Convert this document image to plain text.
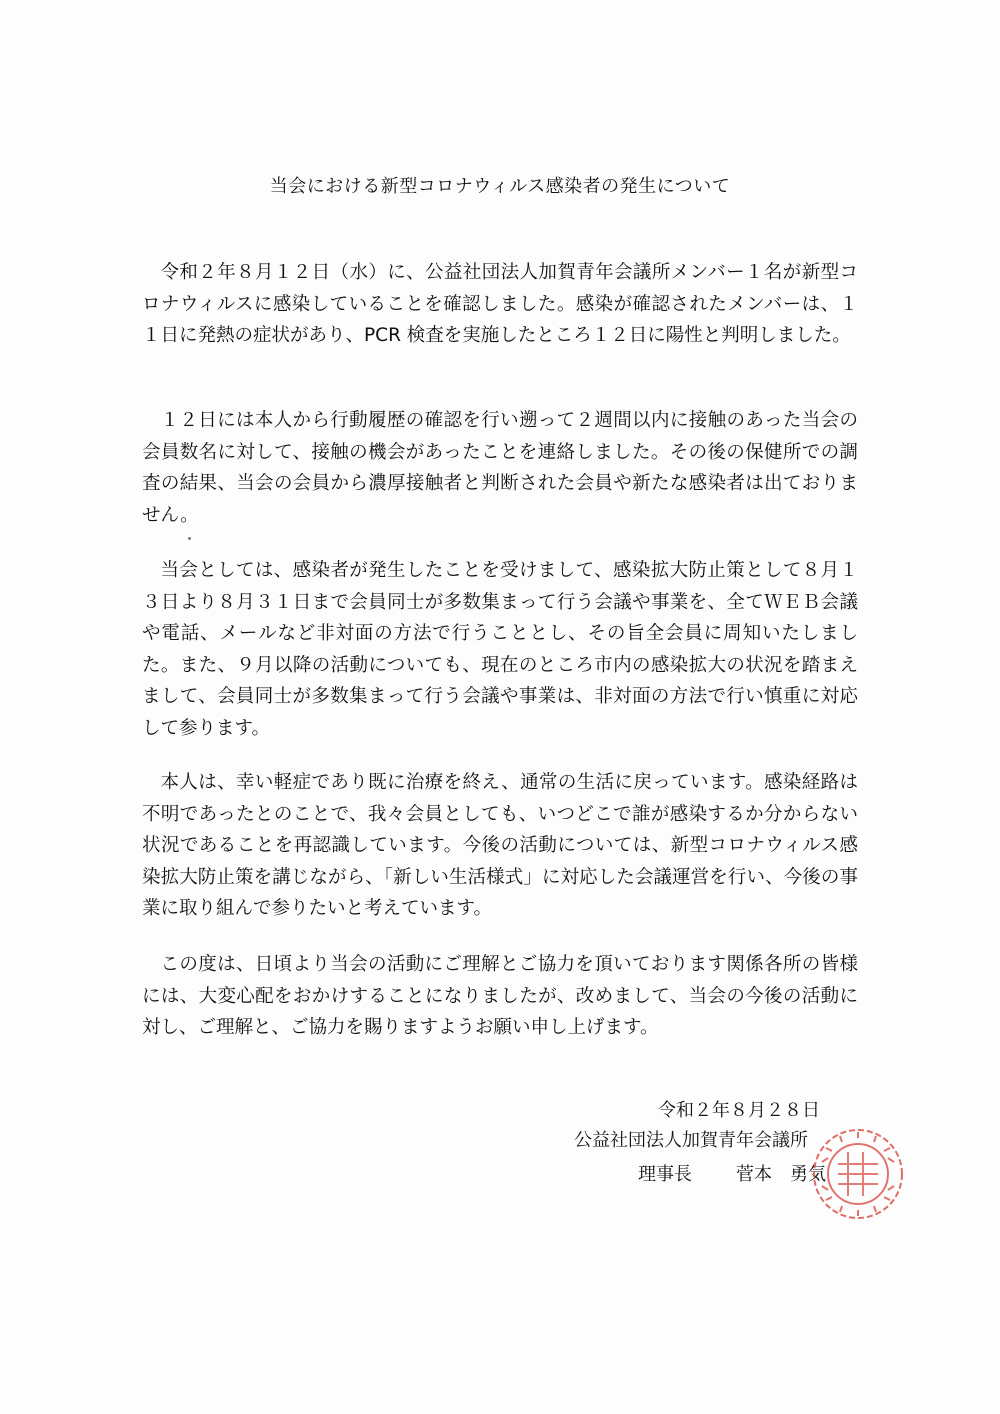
当会における新型コロナウィルス感染者の発生について

令和２年８月１２日（水）に、公益社団法人加賀青年会議所メンバー１名が新型コロナウィルスに感染していることを確認しました。感染が確認されたメンバーは、１１日に発熱の症状があり、PCR 検査を実施したところ１２日に陽性と判明しました。

１２日には本人から行動履歴の確認を行い遡って２週間以内に接触のあった当会の会員数名に対して、接触の機会があったことを連絡しました。その後の保健所での調査の結果、当会の会員から濃厚接触者と判断された会員や新たな感染者は出ておりません。

当会としては、感染者が発生したことを受けまして、感染拡大防止策として８月１３日より８月３１日まで会員同士が多数集まって行う会議や事業を、全てＷＥＢ会議や電話、メールなど非対面の方法で行うこととし、その旨全会員に周知いたしました。また、９月以降の活動についても、現在のところ市内の感染拡大の状況を踏まえまして、会員同士が多数集まって行う会議や事業は、非対面の方法で行い慎重に対応して参ります。

本人は、幸い軽症であり既に治療を終え、通常の生活に戻っています。感染経路は不明であったとのことで、我々会員としても、いつどこで誰が感染するか分からない状況であることを再認識しています。今後の活動については、新型コロナウィルス感染拡大防止策を講じながら、「新しい生活様式」に対応した会議運営を行い、今後の事業に取り組んで参りたいと考えています。

この度は、日頃より当会の活動にご理解とご協力を頂いております関係各所の皆様には、大変心配をおかけすることになりましたが、改めまして、当会の今後の活動に対し、ご理解と、ご協力を賜りますようお願い申し上げます。

令和２年８月２８日
公益社団法人加賀青年会議所
理事長 菅本　勇気
